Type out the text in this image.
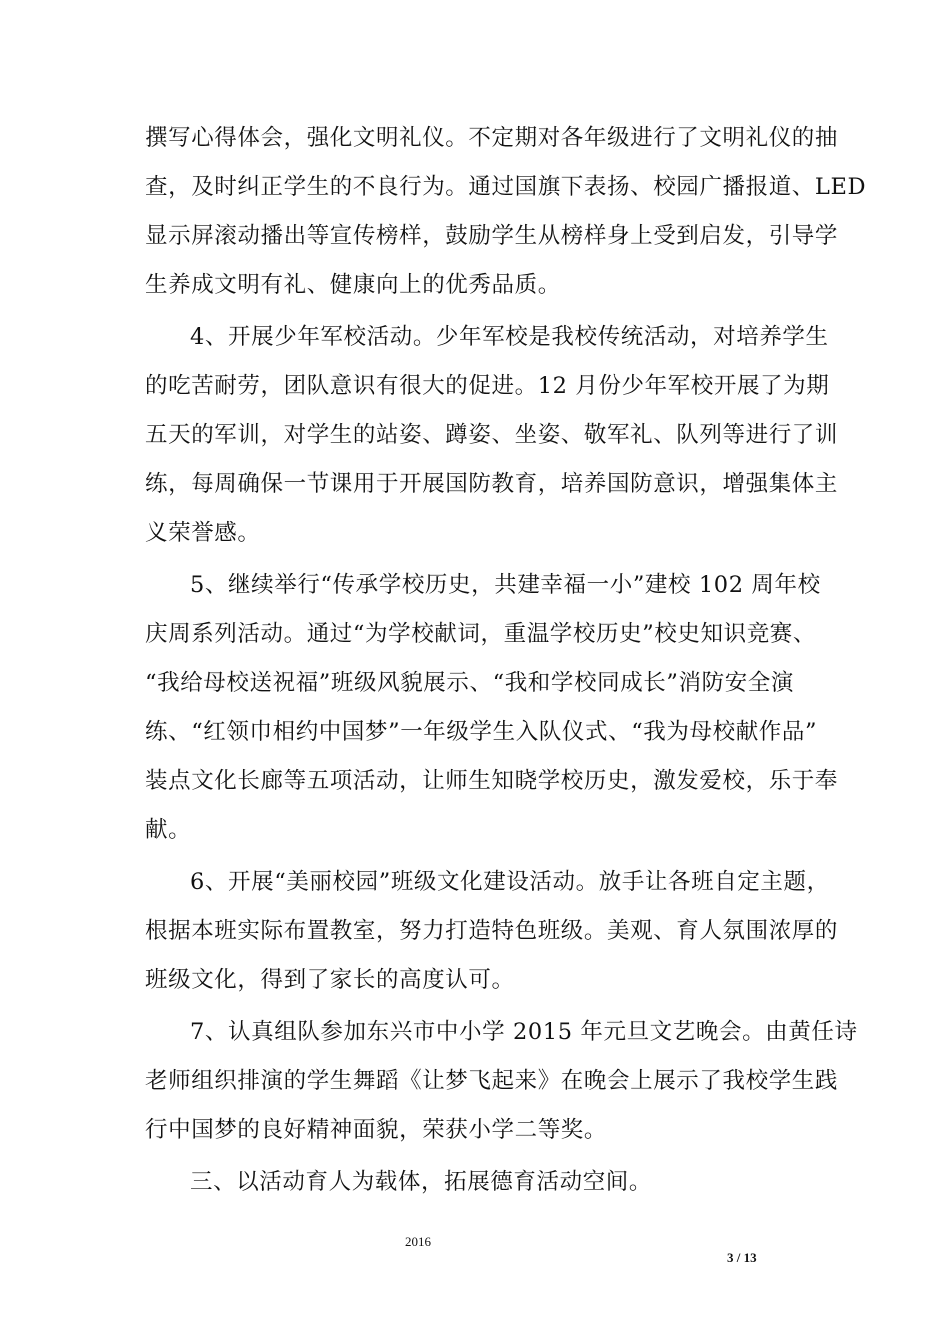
撰写心得体会，强化文明礼仪。不定期对各年级进行了文明礼仪的抽
查，及时纠正学生的不良行为。通过国旗下表扬、校园广播报道、LED
显示屏滚动播出等宣传榜样，鼓励学生从榜样身上受到启发，引导学
生养成文明有礼、健康向上的优秀品质。
4、开展少年军校活动。少年军校是我校传统活动，对培养学生
的吃苦耐劳，团队意识有很大的促进。12 月份少年军校开展了为期
五天的军训，对学生的站姿、蹲姿、坐姿、敬军礼、队列等进行了训
练，每周确保一节课用于开展国防教育，培养国防意识，增强集体主
义荣誉感。
5、继续举行“传承学校历史，共建幸福一小”建校 102 周年校
庆周系列活动。通过“为学校献词，重温学校历史”校史知识竞赛、
“我给母校送祝福”班级风貌展示、“我和学校同成长”消防安全演
练、“红领巾相约中国梦”一年级学生入队仪式、“我为母校献作品”
装点文化长廊等五项活动，让师生知晓学校历史，激发爱校，乐于奉
献。
6、开展“美丽校园”班级文化建设活动。放手让各班自定主题，
根据本班实际布置教室，努力打造特色班级。美观、育人氛围浓厚的
班级文化，得到了家长的高度认可。
7、认真组队参加东兴市中小学 2015 年元旦文艺晚会。由黄任诗
老师组织排演的学生舞蹈《让梦飞起来》在晚会上展示了我校学生践
行中国梦的良好精神面貌，荣获小学二等奖。
三、以活动育人为载体，拓展德育活动空间。
2016
3 / 13
